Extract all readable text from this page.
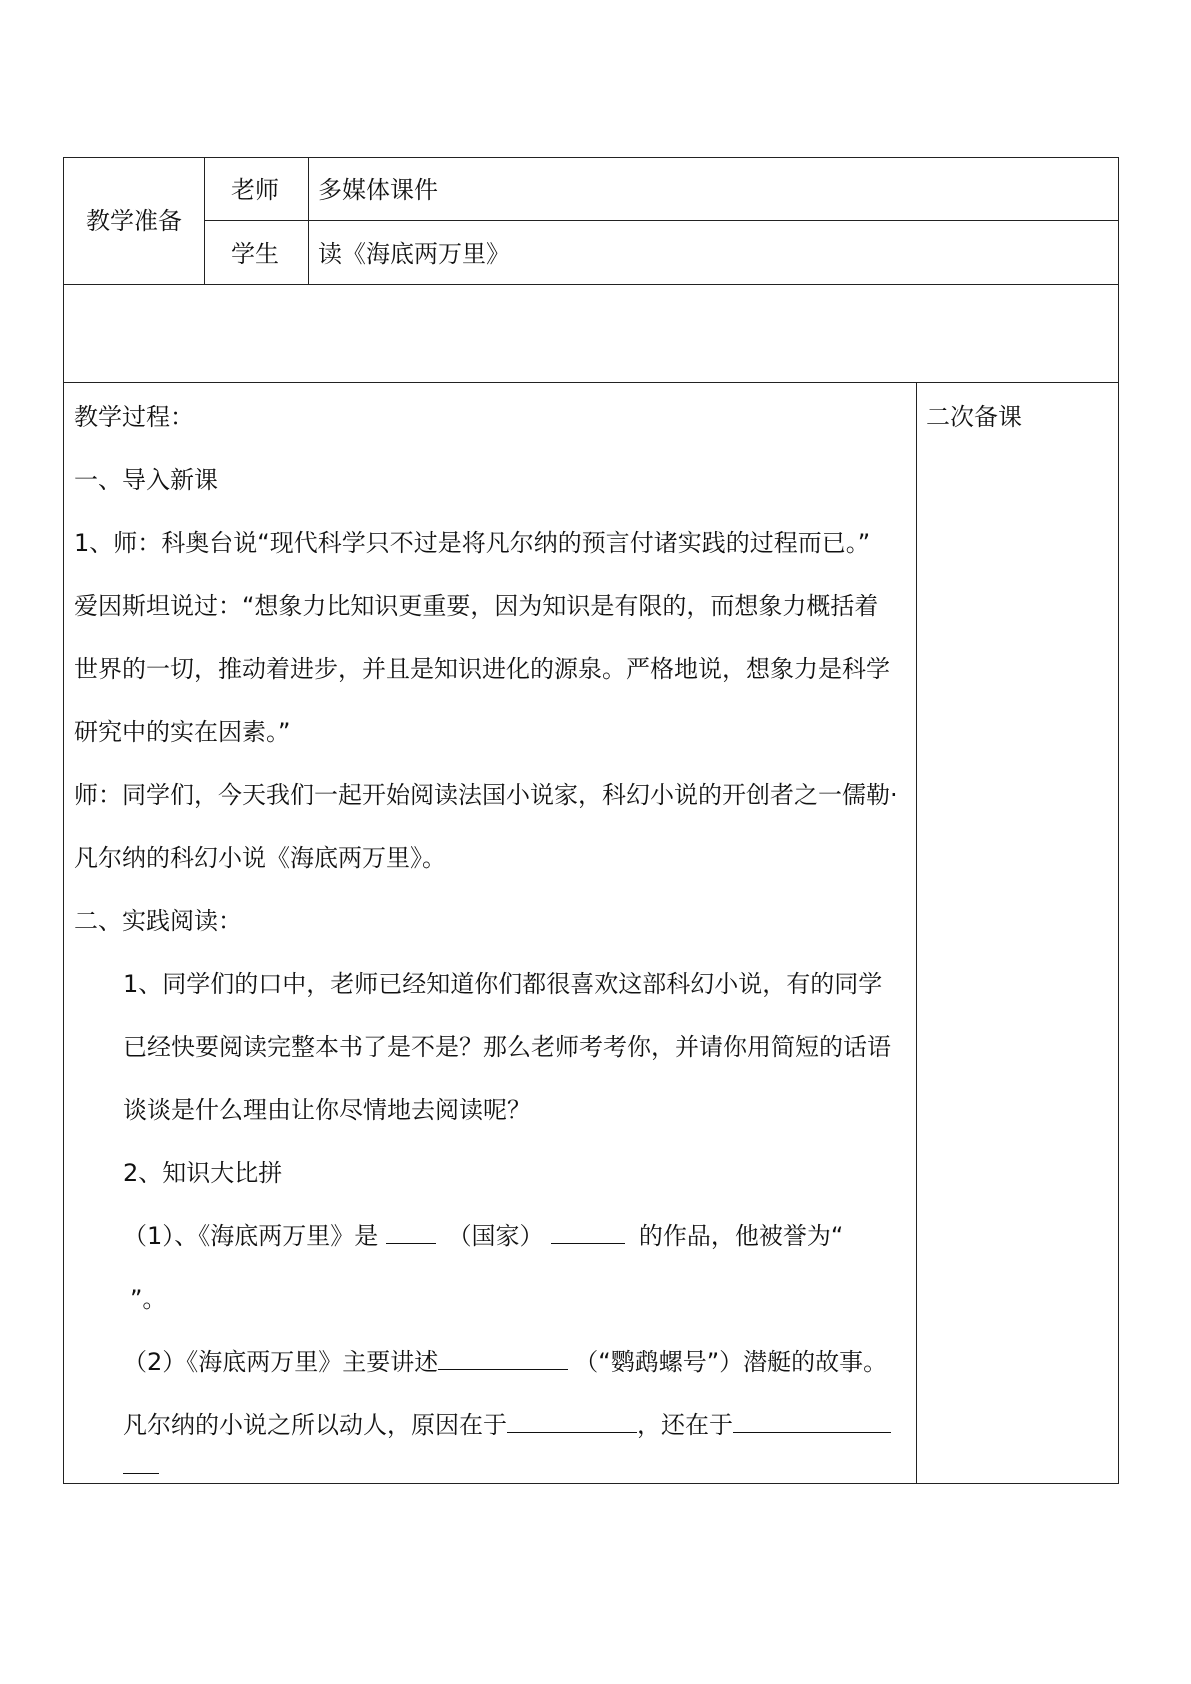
教学准备
老师 多媒体课件
学生 读《海底两万里》
二次备课
教学过程：
一、导入新课
1、师：科奥台说“现代科学只不过是将凡尔纳的预言付诸实践的过程而已。”
爱因斯坦说过：“想象力比知识更重要，因为知识是有限的，而想象力概括着
世界的一切，推动着进步，并且是知识进化的源泉。严格地说，想象力是科学
研究中的实在因素。”
师：同学们，今天我们一起开始阅读法国小说家，科幻小说的开创者之一儒勒·
凡尔纳的科幻小说《海底两万里》。
二、实践阅读：
1、同学们的口中，老师已经知道你们都很喜欢这部科幻小说，有的同学
已经快要阅读完整本书了是不是？那么老师考考你，并请你用简短的话语
谈谈是什么理由让你尽情地去阅读呢？
2、知识大比拼
（1）、《海底两万里》是	（国家）	的作品，他被誉为“
”。
（2）《海底两万里》主要讲述	（“鹦鹉螺号”）潜艇的故事。
凡尔纳的小说之所以动人，原因在于	，还在于
